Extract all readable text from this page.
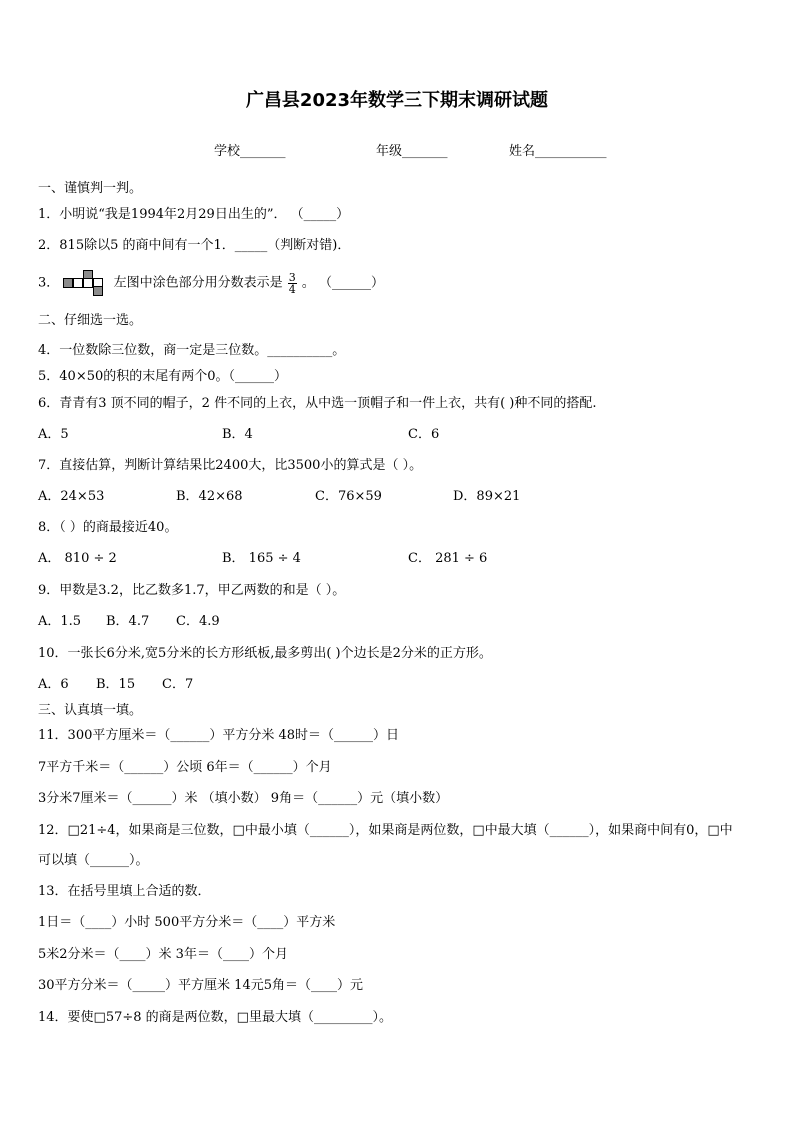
广昌县2023年数学三下期末调研试题
学校_______	年级_______	姓名___________
一、谨慎判一判。
1．小明说“我是1994年2月29日出生的”． （_____）
2．815除以5 的商中间有一个1．_____（判断对错)．
3．	左图中涂色部分用分数表示是 $\frac{3}{4}$ 。 （______）
二、仔细选一选。
4．一位数除三位数，商一定是三位数。__________。
5．40×50的积的末尾有两个0。（______）
6．青青有3 顶不同的帽子，2 件不同的上衣，从中选一顶帽子和一件上衣，共有( )种不同的搭配.
A．5	B．4	C．6
7．直接估算，判断计算结果比2400大，比3500小的算式是（ ）。
A．24×53	B．42×68	C．76×59	D．89×21
8．（ ）的商最接近40。
A． 810 ÷ 2	B． 165 ÷ 4	C． 281 ÷ 6
9．甲数是3.2，比乙数多1.7，甲乙两数的和是（ ）。
A．1.5 B．4.7 C．4.9
10．一张长6分米,宽5分米的长方形纸板,最多剪出( )个边长是2分米的正方形。
A．6 B．15 C．7
三、认真填一填。
11．300平方厘米＝（______）平方分米 48时＝（______）日
7平方千米＝（______）公顷 6年＝（______）个月
3分米7厘米＝（______）米 （填小数） 9角＝（______）元（填小数）
12．□21÷4，如果商是三位数，□中最小填（______），如果商是两位数，□中最大填（______），如果商中间有0，□中
可以填（______）。
13．在括号里填上合适的数．
1日＝（____）小时 500平方分米＝（____）平方米
5米2分米＝（____）米 3年＝（____）个月
30平方分米＝（_____）平方厘米 14元5角＝（____）元
14．要使□57÷8 的商是两位数，□里最大填（_________）。
